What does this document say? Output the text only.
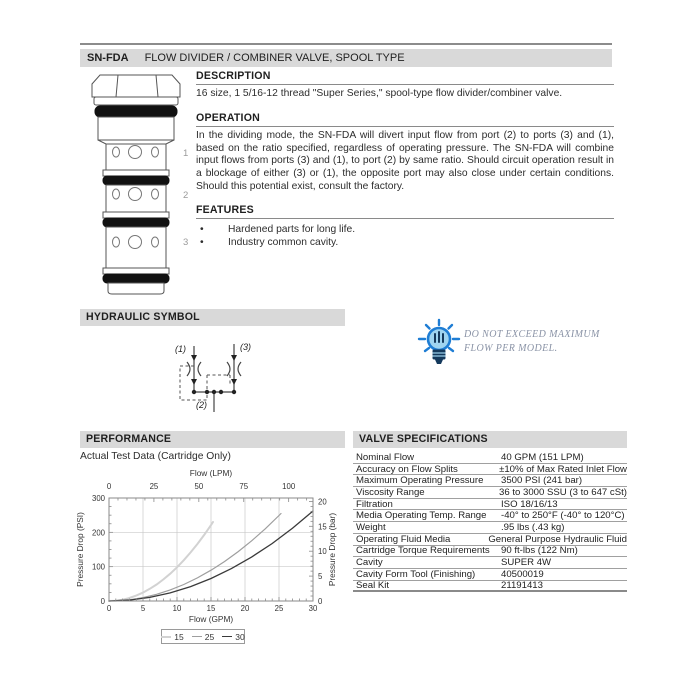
SN-FDA FLOW DIVIDER / COMBINER VALVE, SPOOL TYPE
1
2
3
DESCRIPTION
16 size, 1 5/16-12 thread "Super Series," spool-type flow divider/combiner valve.
OPERATION
In the dividing mode, the SN-FDA will divert input flow from port (2) to ports (3) and (1), based on the ratio specified, regardless of operating pressure. The SN-FDA will combine input flows from ports (3) and (1), to port (2) by same ratio. Should circuit operation result in a blockage of either (3) or (1), the opposite port may also close under certain conditions. Should this potential exist, consult the factory.
FEATURES
•	Hardened parts for long life.
•	Industry common cavity.
HYDRAULIC SYMBOL
(1)	(3)
(2)
DO NOT EXCEED MAXIMUM FLOW PER MODEL.
PERFORMANCE
Actual Test Data (Cartridge Only)
0	5	10	15	20	25	30
Flow (GPM)
0	25	50	75	100
Flow (LPM)
0
100
200
300
Pressure Drop (PSI)
0
5
10
15
20
Pressure Drop (bar)
15 25 30
VALVE SPECIFICATIONS
Nominal Flow	40 GPM (151 LPM)
Accuracy on Flow Splits	±10% of Max Rated Inlet Flow
Maximum Operating Pressure	3500 PSI (241 bar)
Viscosity Range	36 to 3000 SSU (3 to 647 cSt)
Filtration	ISO 18/16/13
Media Operating Temp. Range	-40° to 250°F (-40° to 120°C)
Weight	.95 lbs (.43 kg)
Operating Fluid Media	General Purpose Hydraulic Fluid
Cartridge Torque Requirements	90 ft-lbs (122 Nm)
Cavity	SUPER 4W
Cavity Form Tool (Finishing)	40500019
Seal Kit	21191413
